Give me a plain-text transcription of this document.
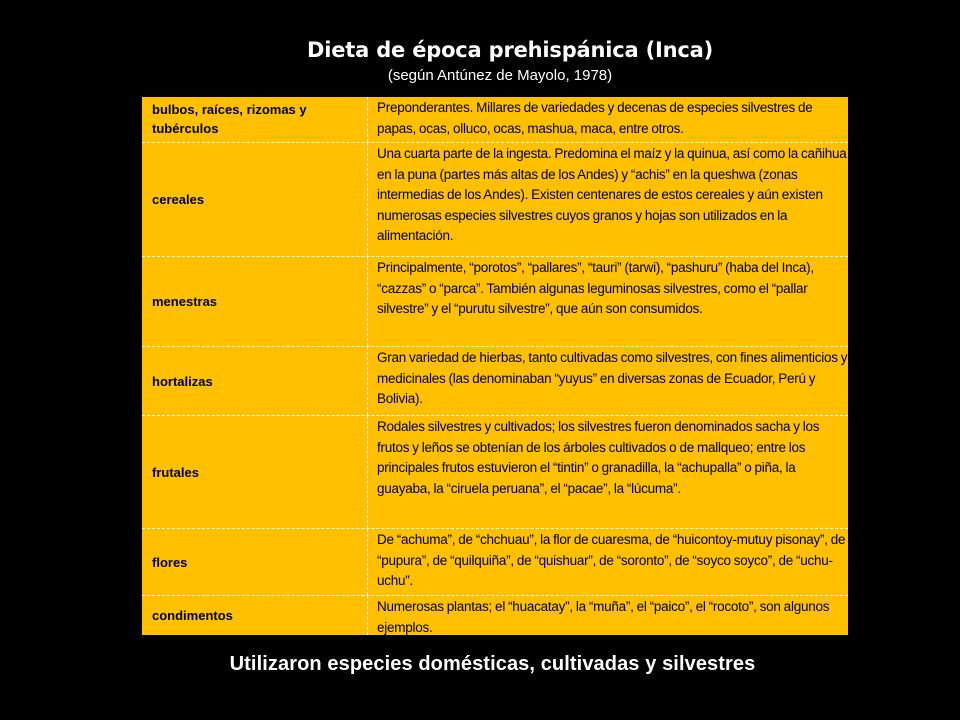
Dieta de época prehispánica (Inca)
(según Antúnez de Mayolo, 1978)
bulbos, raíces, rizomas y tubérculos
Preponderantes. Millares de variedades y decenas de especies silvestres de papas, ocas, olluco, ocas, mashua, maca, entre otros.
cereales
Una cuarta parte de la ingesta. Predomina el maíz y la quinua, así como la cañihua en la puna (partes más altas de los Andes) y “achis” en la queshwa (zonas intermedias de los Andes). Existen centenares de estos cereales y aún existen numerosas especies silvestres cuyos granos y hojas son utilizados en la alimentación.
menestras
Principalmente, “porotos”, “pallares”, “tauri” (tarwi), “pashuru” (haba del Inca), “cazzas” o “parca”. También algunas leguminosas silvestres, como el “pallar silvestre” y el “purutu silvestre”, que aún son consumidos.
hortalizas
Gran variedad de hierbas, tanto cultivadas como silvestres, con fines alimenticios y medicinales (las denominaban “yuyus” en diversas zonas de Ecuador, Perú y Bolivia).
frutales
Rodales silvestres y cultivados; los silvestres fueron denominados sacha y los frutos y leños se obtenían de los árboles cultivados o de mallqueo; entre los principales frutos estuvieron el “tintin” o granadilla, la “achupalla” o piña, la guayaba, la “ciruela peruana”, el “pacae”, la “lúcuma”.
flores
De “achuma”, de “chchuau”, la flor de cuaresma, de “huicontoy-mutuy pisonay”, de “pupura”, de “quilquiña”, de “quishuar”, de “soronto”, de “soyco soyco”, de “uchu-uchu”.
condimentos
Numerosas plantas; el “huacatay”, la “muña”, el “paico”, el “rocoto”, son algunos ejemplos.
Utilizaron especies domésticas, cultivadas y silvestres
